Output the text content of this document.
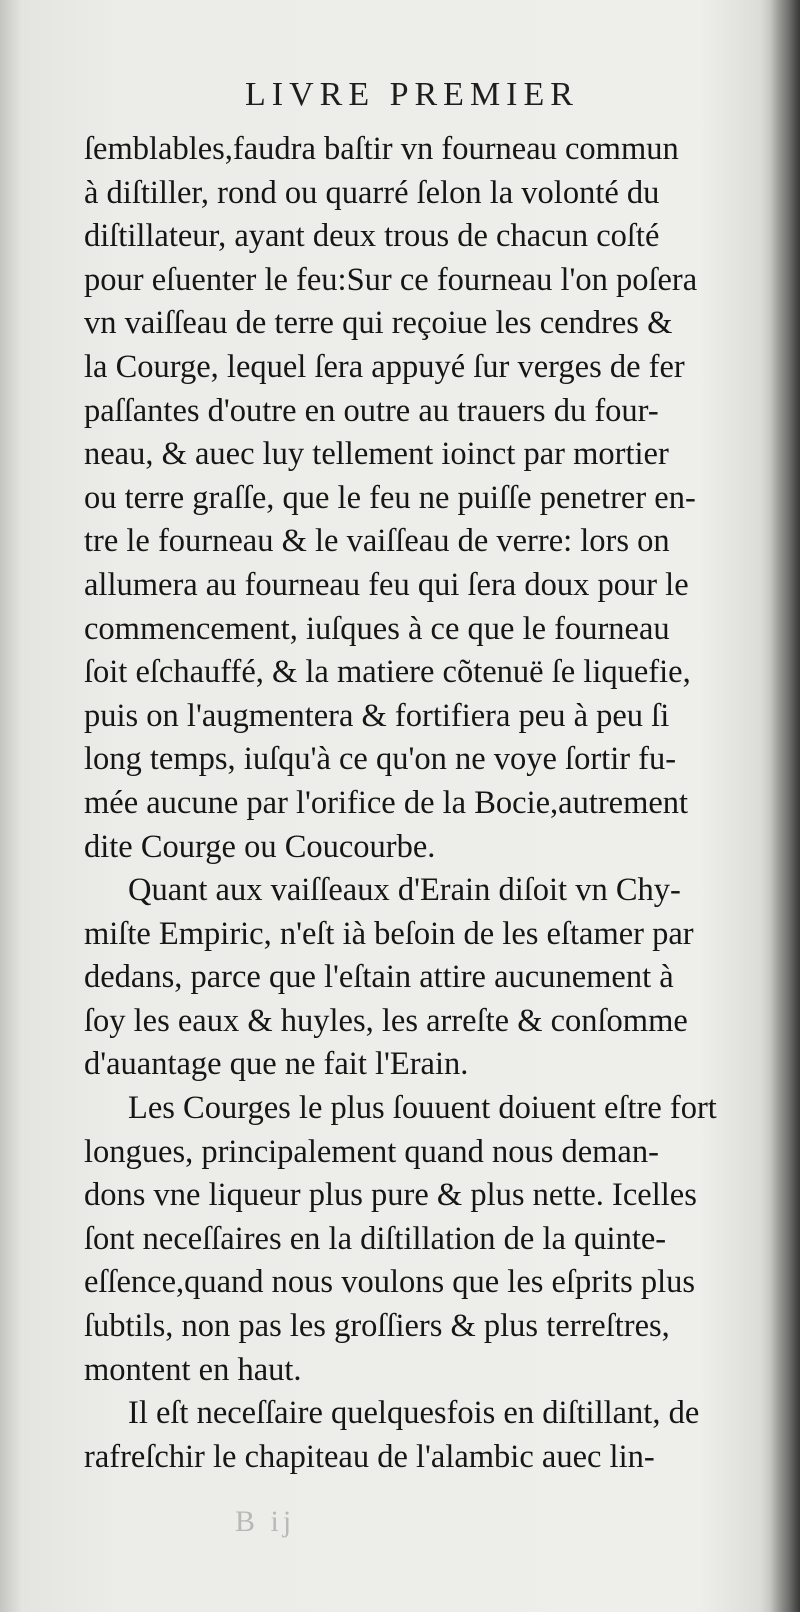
LIVRE PREMIER
ſemblables,faudra baſtir vn fourneau commun
à diſtiller, rond ou quarré ſelon la volonté du
diſtillateur, ayant deux trous de chacun coſté
pour eſuenter le feu:Sur ce fourneau l'on poſera
vn vaiſſeau de terre qui reçoiue les cendres &
la Courge, lequel ſera appuyé ſur verges de fer
paſſantes d'outre en outre au trauers du four-
neau, & auec luy tellement ioinct par mortier
ou terre graſſe, que le feu ne puiſſe penetrer en-
tre le fourneau & le vaiſſeau de verre: lors on
allumera au fourneau feu qui ſera doux pour le
commencement, iuſques à ce que le fourneau
ſoit eſchauffé, & la matiere cõtenuë ſe liquefie,
puis on l'augmentera & fortifiera peu à peu ſi
long temps, iuſqu'à ce qu'on ne voye ſortir fu-
mée aucune par l'orifice de la Bocie,autrement
dite Courge ou Coucourbe.
Quant aux vaiſſeaux d'Erain diſoit vn Chy-
miſte Empiric, n'eſt ià beſoin de les eſtamer par
dedans, parce que l'eſtain attire aucunement à
ſoy les eaux & huyles, les arreſte & conſomme
d'auantage que ne fait l'Erain.
Les Courges le plus ſouuent doiuent eſtre fort
longues, principalement quand nous deman-
dons vne liqueur plus pure & plus nette. Icelles
ſont neceſſaires en la diſtillation de la quinte-
eſſence,quand nous voulons que les eſprits plus
ſubtils, non pas les groſſiers & plus terreſtres,
montent en haut.
Il eſt neceſſaire quelquesfois en diſtillant, de
rafreſchir le chapiteau de l'alambic auec lin-
B ij
